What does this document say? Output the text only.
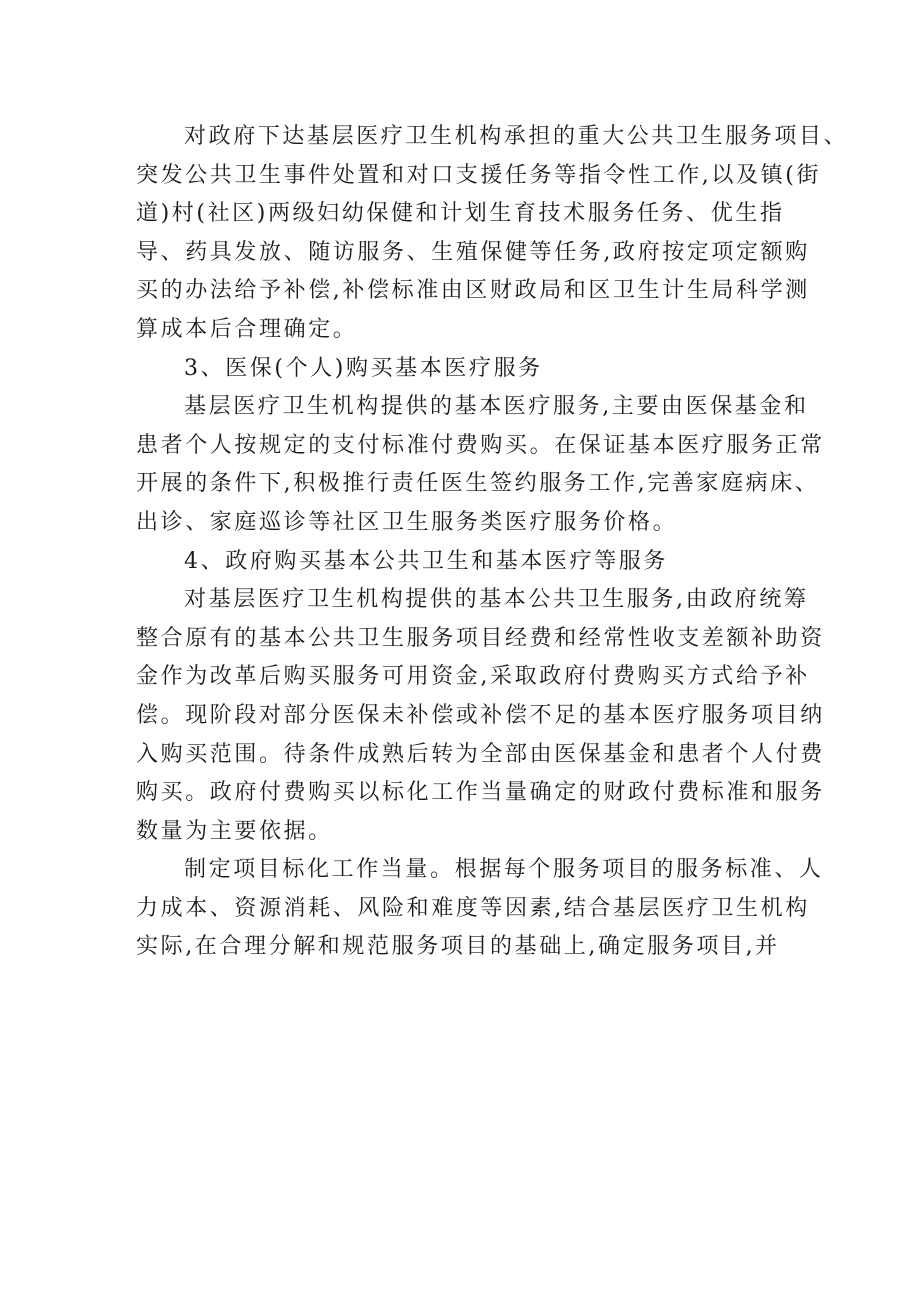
对政府下达基层医疗卫生机构承担的重大公共卫生服务项目、
突发公共卫生事件处置和对口支援任务等指令性工作,以及镇(街
道)村(社区)两级妇幼保健和计划生育技术服务任务、优生指
导、药具发放、随访服务、生殖保健等任务,政府按定项定额购
买的办法给予补偿,补偿标准由区财政局和区卫生计生局科学测
算成本后合理确定。
3、医保(个人)购买基本医疗服务
基层医疗卫生机构提供的基本医疗服务,主要由医保基金和
患者个人按规定的支付标准付费购买。在保证基本医疗服务正常
开展的条件下,积极推行责任医生签约服务工作,完善家庭病床、
出诊、家庭巡诊等社区卫生服务类医疗服务价格。
4、政府购买基本公共卫生和基本医疗等服务
对基层医疗卫生机构提供的基本公共卫生服务,由政府统筹
整合原有的基本公共卫生服务项目经费和经常性收支差额补助资
金作为改革后购买服务可用资金,采取政府付费购买方式给予补
偿。现阶段对部分医保未补偿或补偿不足的基本医疗服务项目纳
入购买范围。待条件成熟后转为全部由医保基金和患者个人付费
购买。政府付费购买以标化工作当量确定的财政付费标准和服务
数量为主要依据。
制定项目标化工作当量。根据每个服务项目的服务标准、人
力成本、资源消耗、风险和难度等因素,结合基层医疗卫生机构
实际,在合理分解和规范服务项目的基础上,确定服务项目,并
